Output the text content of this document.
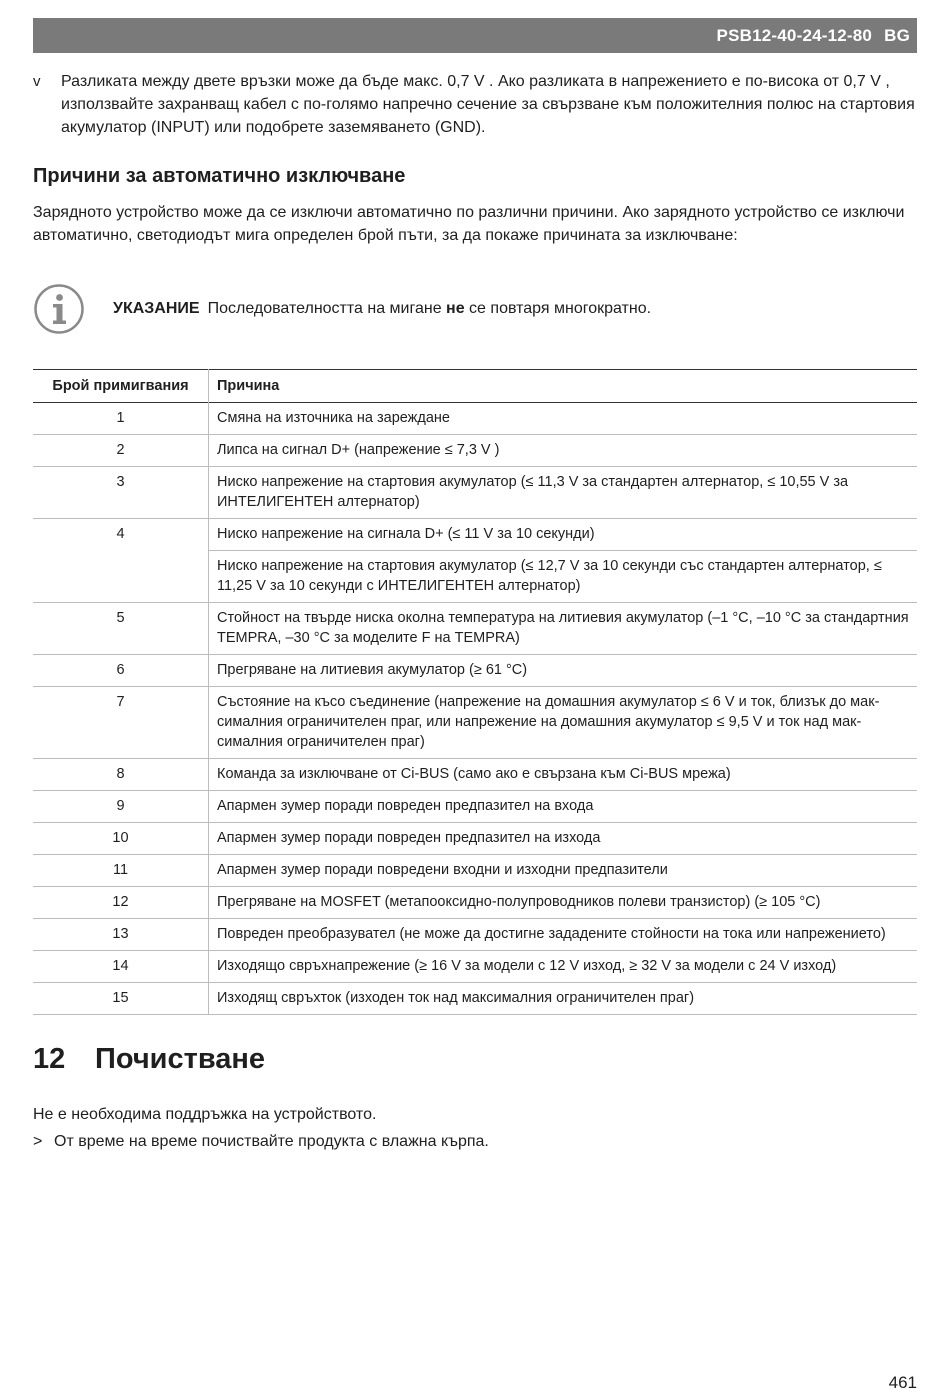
PSB12-40-24-12-80 BG
v	Разликата между двете връзки може да бъде макс. 0,7 V . Ако разликата в напрежението е по-висока от 0,7 V , използвайте захранващ кабел с по-голямо напречно сечение за свързване към положителния полюс на стартовия акумулатор (INPUT) или подобрете заземяването (GND).
Причини за автоматично изключване

Зарядното устройство може да се изключи автоматично по различни причини. Ако зарядното устройство се изключи автоматично, светодиодът мига определен брой пъти, за да покаже причината за изключване:

УКАЗАНИЕ Последователността на мигане не се повтаря многократно.
Брой примигвания	Причина
1	Смяна на източника на зареждане
2	Липса на сигнал D+ (напрежение ≤ 7,3 V )
3	Ниско напрежение на стартовия акумулатор (≤ 11,3 V за стандартен алтернатор, ≤ 10,55 V за ИНТЕЛИГЕНТЕН алтернатор)
4	Ниско напрежение на сигнала D+ (≤ 11 V за 10 секунди)
	Ниско напрежение на стартовия акумулатор (≤ 12,7 V за 10 секунди със стандартен алтернатор, ≤ 11,25 V за 10 секунди с ИНТЕЛИГЕНТЕН алтернатор)
5	Стойност на твърде ниска околна температура на литиевия акумулатор (–1 °C, –10 °C за стандартния TEMPRA, –30 °C за моделите F на TEMPRA)
6	Прегряване на литиевия акумулатор (≥ 61 °C)
7	Състояние на късо съединение (напрежение на домашния акумулатор ≤ 6 V и ток, близък до максималния ограничителен праг, или напрежение на домашния акумулатор ≤ 9,5 V и ток над максималния ограничителен праг)
8	Команда за изключване от Ci-BUS (само ако е свързана към Ci-BUS мрежа)
9	Апармен зумер поради повреден предпазител на входа
10	Апармен зумер поради повреден предпазител на изхода
11	Апармен зумер поради повредени входни и изходни предпазители
12	Прегряване на MOSFET (метапооксидно-полупроводников полеви транзистор) (≥ 105 °C)
13	Повреден преобразувател (не може да достигне зададените стойности на тока или напрежението)
14	Изходящо свръхнапрежение (≥ 16 V за модели с 12 V изход, ≥ 32 V за модели с 24 V изход)
15	Изходящ свръхток (изходен ток над максималния ограничителен праг)
12	Почистване

Не е необходима поддръжка на устройството.

> От време на време почиствайте продукта с влажна кърпа.
461
